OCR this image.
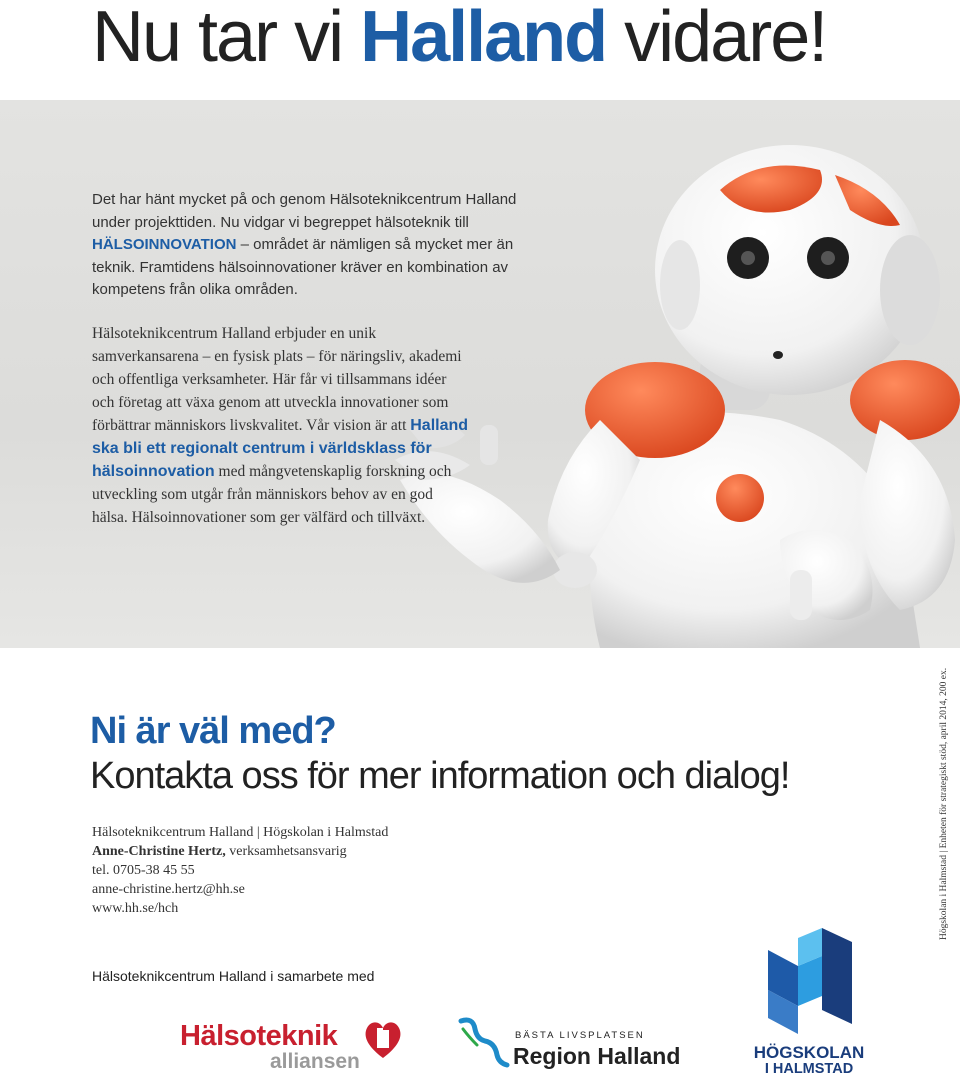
Nu tar vi Halland vidare!

Det har hänt mycket på och genom Hälsoteknikcentrum Halland under projekttiden. Nu vidgar vi begreppet hälsoteknik till HÄLSOINNOVATION – området är nämligen så mycket mer än teknik. Framtidens hälsoinnovationer kräver en kombination av kompetens från olika områden.

Hälsoteknikcentrum Halland erbjuder en unik samverkansarena – en fysisk plats – för näringsliv, akademi och offentliga verksamheter. Här får vi tillsammans idéer och företag att växa genom att utveckla innovationer som förbättrar människors livskvalitet. Vår vision är att Halland ska bli ett regionalt centrum i världsklass för hälsoinnovation med mångvetenskaplig forskning och utveckling som utgår från människors behov av en god hälsa. Hälsoinnovationer som ger välfärd och tillväxt.

Ni är väl med?
Kontakta oss för mer information och dialog!
Hälsoteknikcentrum Halland | Högskolan i Halmstad
Anne-Christine Hertz, verksamhetsansvarig
tel. 0705-38 45 55
anne-christine.hertz@hh.se
www.hh.se/hch
Hälsoteknikcentrum Halland i samarbete med
Högskolan i Halmstad | Enheten för strategiskt stöd, april 2014, 200 ex.
Hälsoteknik
alliansen
BÄSTA LIVSPLATSEN
Region Halland	HÖGSKOLAN
I HALMSTAD
